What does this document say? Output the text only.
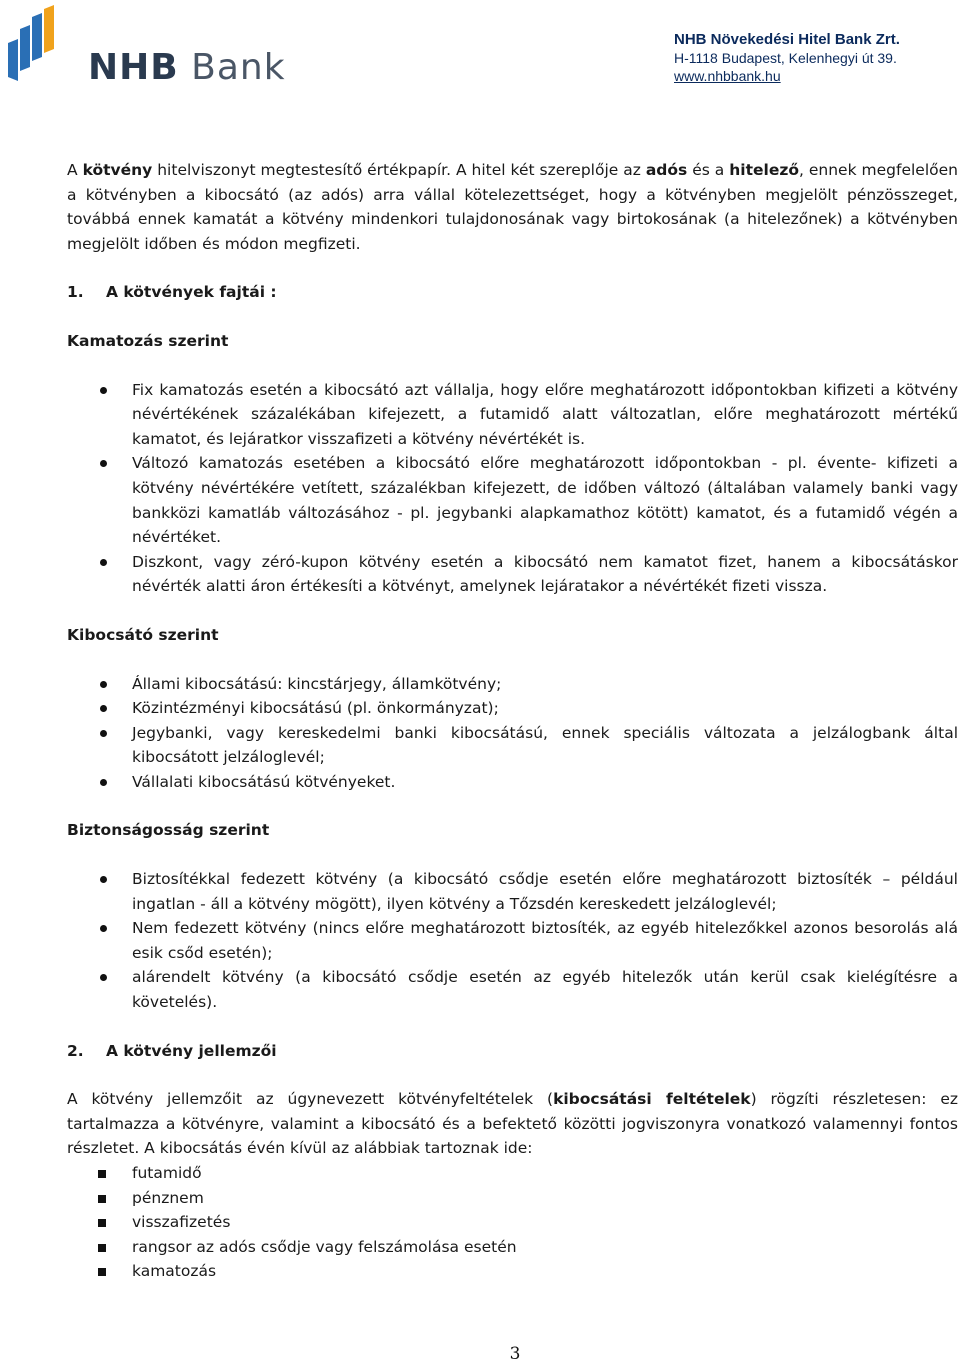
NHB Bank
NHB Növekedési Hitel Bank Zrt.
H-1118 Budapest, Kelenhegyi út 39.
www.nhbbank.hu

A kötvény hitelviszonyt megtestesítő értékpapír. A hitel két szereplője az adós és a hitelező, ennek megfelelően a kötvényben a kibocsátó (az adós) arra vállal kötelezettséget, hogy a kötvényben megjelölt pénzösszeget, továbbá ennek kamatát a kötvény mindenkori tulajdonosának vagy birtokosának (a hitelezőnek) a kötvényben megjelölt időben és módon megfizeti.

1. A kötvények fajtái :

Kamatozás szerint

Fix kamatozás esetén a kibocsátó azt vállalja, hogy előre meghatározott időpontokban kifizeti a kötvény névértékének százalékában kifejezett, a futamidő alatt változatlan, előre meghatározott mértékű kamatot, és lejáratkor visszafizeti a kötvény névértékét is.
Változó kamatozás esetében a kibocsátó előre meghatározott időpontokban - pl. évente- kifizeti a kötvény névértékére vetített, százalékban kifejezett, de időben változó (általában valamely banki vagy bankközi kamatláb változásához - pl. jegybanki alapkamathoz kötött) kamatot, és a futamidő végén a névértéket.
Diszkont, vagy zéró-kupon kötvény esetén a kibocsátó nem kamatot fizet, hanem a kibocsátáskor névérték alatti áron értékesíti a kötvényt, amelynek lejáratakor a névértékét fizeti vissza.

Kibocsátó szerint

Állami kibocsátású: kincstárjegy, államkötvény;
Közintézményi kibocsátású (pl. önkormányzat);
Jegybanki, vagy kereskedelmi banki kibocsátású, ennek speciális változata a jelzálogbank által kibocsátott jelzáloglevél;
Vállalati kibocsátású kötvényeket.

Biztonságosság szerint

Biztosítékkal fedezett kötvény (a kibocsátó csődje esetén előre meghatározott biztosíték – például ingatlan - áll a kötvény mögött), ilyen kötvény a Tőzsdén kereskedett jelzáloglevél;
Nem fedezett kötvény (nincs előre meghatározott biztosíték, az egyéb hitelezőkkel azonos besorolás alá esik csőd esetén);
alárendelt kötvény (a kibocsátó csődje esetén az egyéb hitelezők után kerül csak kielégítésre a követelés).

2. A kötvény jellemzői

A kötvény jellemzőit az úgynevezett kötvényfeltételek (kibocsátási feltételek) rögzíti részletesen: ez tartalmazza a kötvényre, valamint a kibocsátó és a befektető közötti jogviszonyra vonatkozó valamennyi fontos részletet. A kibocsátás évén kívül az alábbiak tartoznak ide:

futamidő
pénznem
visszafizetés
rangsor az adós csődje vagy felszámolása esetén
kamatozás
3
